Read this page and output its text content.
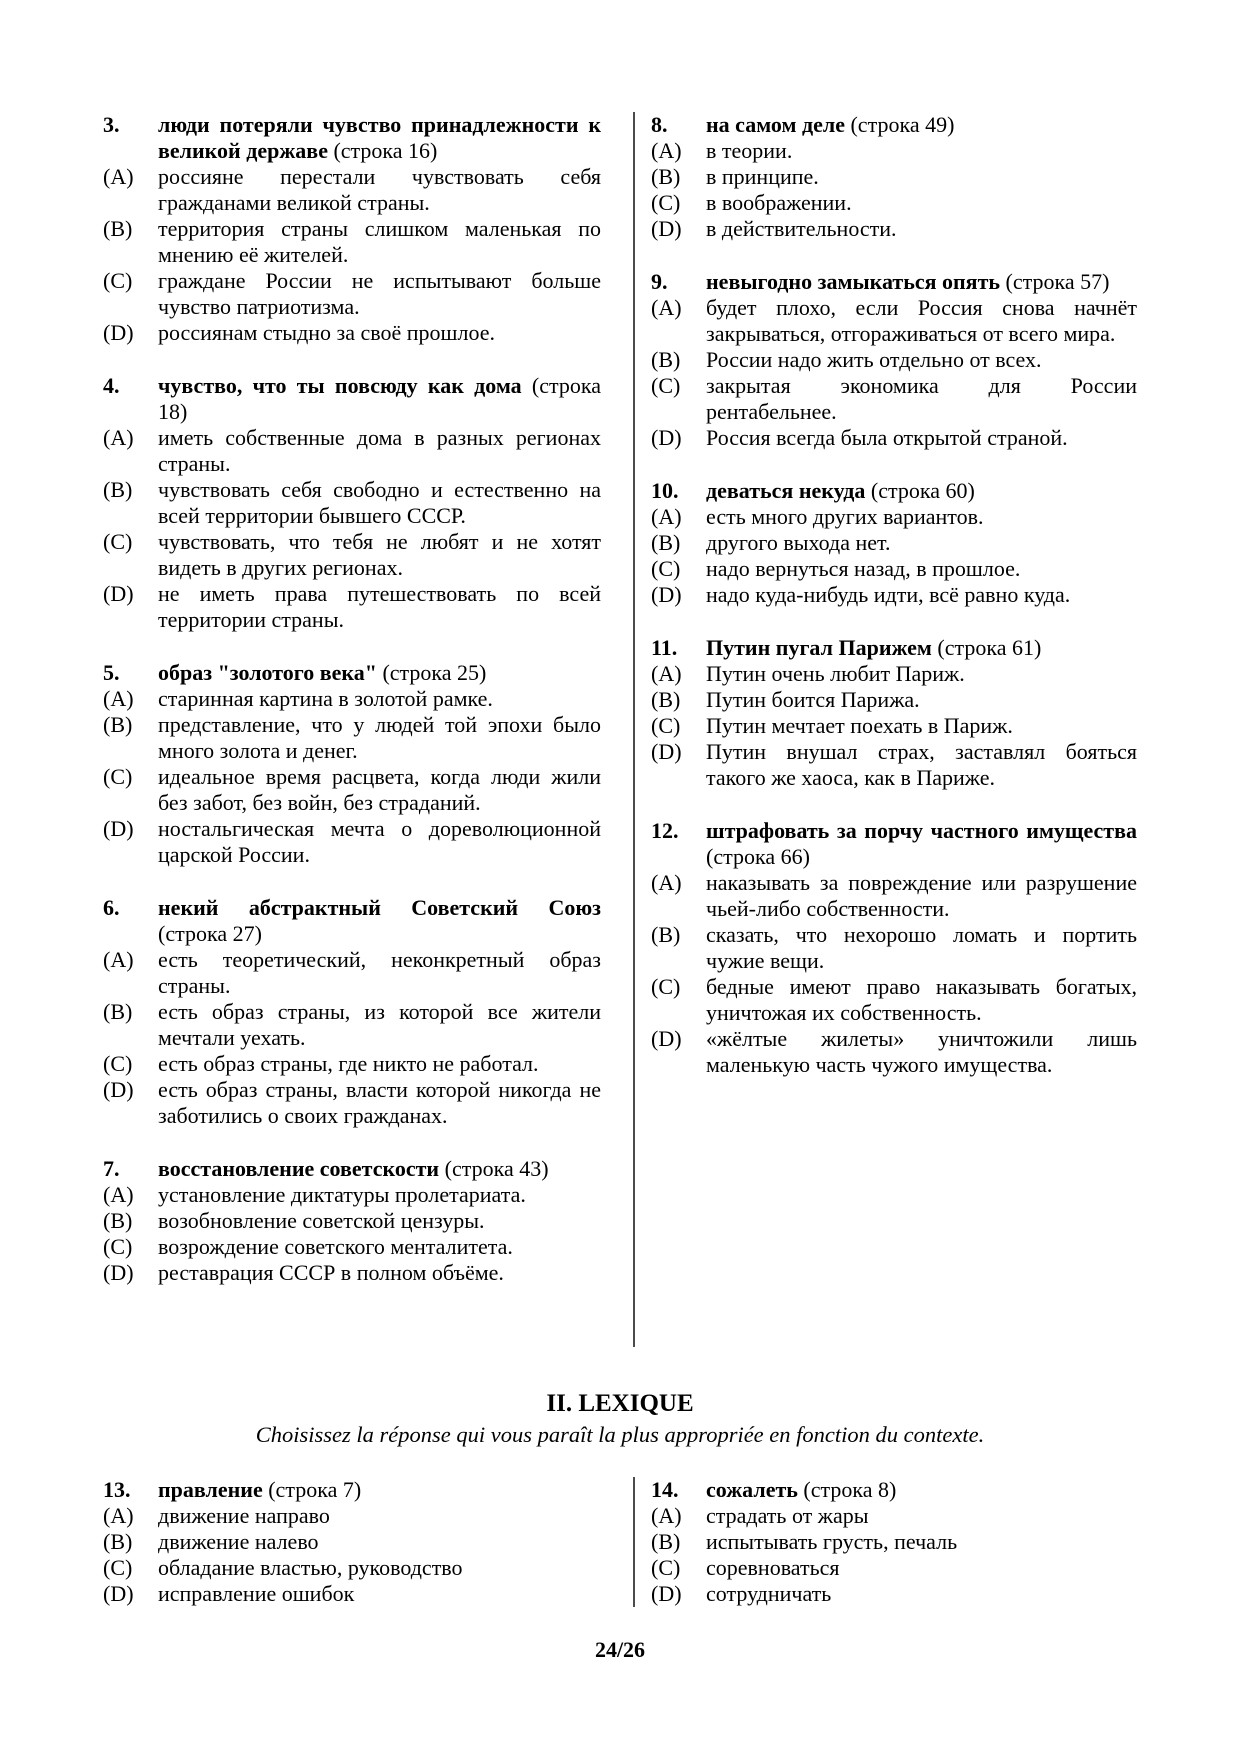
3.	люди потеряли чувство принадлежности к великой державе (строка 16)
(A)	россияне перестали чувствовать себя гражданами великой страны.
(B)	территория страны слишком маленькая по мнению её жителей.
(C)	граждане России не испытывают больше чувство патриотизма.
(D)	россиянам стыдно за своё прошлое.
4.	чувство, что ты повсюду как дома (строка 18)
(A)	иметь собственные дома в разных регионах страны.
(B)	чувствовать себя свободно и естественно на всей территории бывшего СССР.
(C)	чувствовать, что тебя не любят и не хотят видеть в других регионах.
(D)	не иметь права путешествовать по всей территории страны.
5.	образ "золотого века" (строка 25)
(A)	старинная картина в золотой рамке.
(B)	представление, что у людей той эпохи было много золота и денег.
(C)	идеальное время расцвета, когда люди жили без забот, без войн, без страданий.
(D)	ностальгическая мечта о дореволюционной царской России.
6.	некий абстрактный Советский Союз (строка 27)
(A)	есть теоретический, неконкретный образ страны.
(B)	есть образ страны, из которой все жители мечтали уехать.
(C)	есть образ страны, где никто не работал.
(D)	есть образ страны, власти которой никогда не заботились о своих гражданах.
7.	восстановление советскости (строка 43)
(A)	установление диктатуры пролетариата.
(B)	возобновление советской цензуры.
(C)	возрождение советского менталитета.
(D)	реставрация СССР в полном объёме.
8.	на самом деле (строка 49)
(A)	в теории.
(B)	в принципе.
(C)	в воображении.
(D)	в действительности.
9.	невыгодно замыкаться опять (строка 57)
(A)	будет плохо, если Россия снова начнёт закрываться, отгораживаться от всего мира.
(B)	России надо жить отдельно от всех.
(C)	закрытая экономика для России рентабельнее.
(D)	Россия всегда была открытой страной.
10.	деваться некуда (строка 60)
(A)	есть много других вариантов.
(B)	другого выхода нет.
(C)	надо вернуться назад, в прошлое.
(D)	надо куда-нибудь идти, всё равно куда.
11.	Путин пугал Парижем (строка 61)
(A)	Путин очень любит Париж.
(B)	Путин боится Парижа.
(C)	Путин мечтает поехать в Париж.
(D)	Путин внушал страх, заставлял бояться такого же хаоса, как в Париже.
12.	штрафовать за порчу частного имущества (строка 66)
(A)	наказывать за повреждение или разрушение чьей-либо собственности.
(B)	сказать, что нехорошо ломать и портить чужие вещи.
(C)	бедные имеют право наказывать богатых, уничтожая их собственность.
(D)	«жёлтые жилеты» уничтожили лишь маленькую часть чужого имущества.
II. LEXIQUE

Choisissez la réponse qui vous paraît la plus appropriée en fonction du contexte.

13.	правление (строка 7)
(A)	движение направо
(B)	движение налево
(C)	обладание властью, руководство
(D)	исправление ошибок
14.	сожалеть (строка 8)
(A)	страдать от жары
(B)	испытывать грусть, печаль
(C)	соревноваться
(D)	сотрудничать
24/26
